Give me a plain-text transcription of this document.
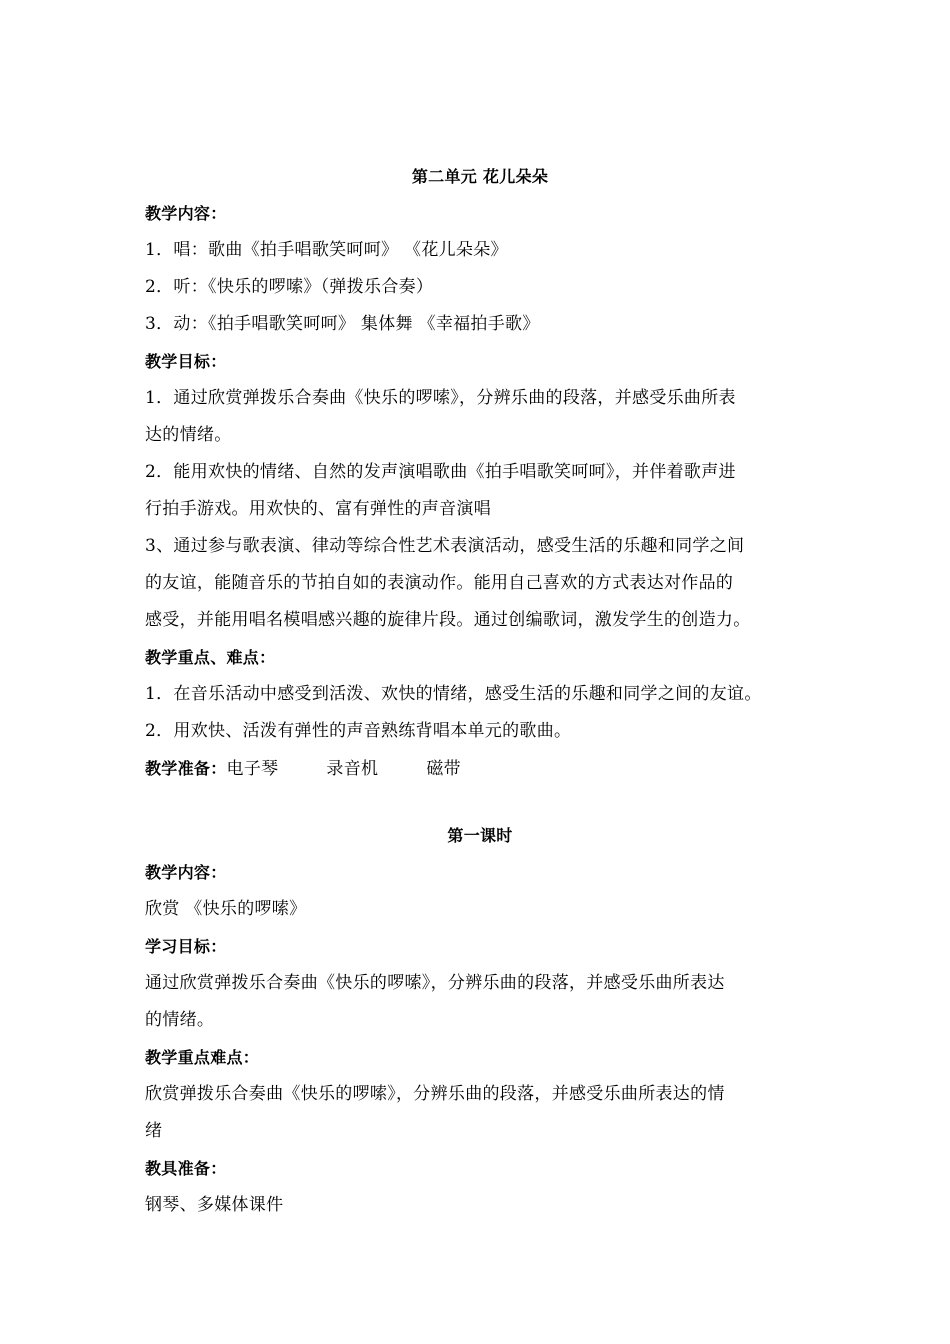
第二单元 花儿朵朵
教学内容：
1．唱：歌曲《拍手唱歌笑呵呵》 《花儿朵朵》
2．听：《快乐的啰嗦》（弹拨乐合奏）
3．动：《拍手唱歌笑呵呵》 集体舞 《幸福拍手歌》
教学目标：
1．通过欣赏弹拨乐合奏曲《快乐的啰嗦》，分辨乐曲的段落，并感受乐曲所表
达的情绪。
2．能用欢快的情绪、自然的发声演唱歌曲《拍手唱歌笑呵呵》，并伴着歌声进
行拍手游戏。用欢快的、富有弹性的声音演唱
3、通过参与歌表演、律动等综合性艺术表演活动，感受生活的乐趣和同学之间
的友谊，能随音乐的节拍自如的表演动作。能用自己喜欢的方式表达对作品的
感受，并能用唱名模唱感兴趣的旋律片段。通过创编歌词，激发学生的创造力。
教学重点、难点：
1．在音乐活动中感受到活泼、欢快的情绪，感受生活的乐趣和同学之间的友谊。
2．用欢快、活泼有弹性的声音熟练背唱本单元的歌曲。
教学准备：电子琴	录音机	磁带
第一课时
教学内容：
欣赏 《快乐的啰嗦》
学习目标：
通过欣赏弹拨乐合奏曲《快乐的啰嗦》，分辨乐曲的段落，并感受乐曲所表达
的情绪。
教学重点难点：
欣赏弹拨乐合奏曲《快乐的啰嗦》，分辨乐曲的段落，并感受乐曲所表达的情
绪
教具准备：
钢琴、多媒体课件
